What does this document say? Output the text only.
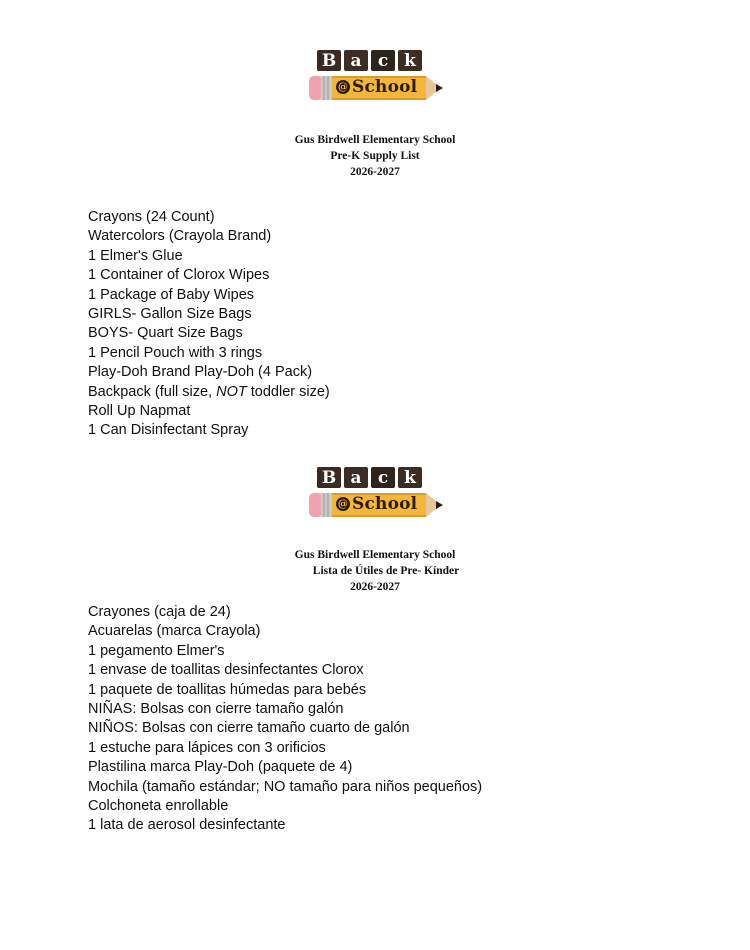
B a c k
@ School
Gus Birdwell Elementary School
Pre-K Supply List
2026-2027
Crayons (24 Count)
Watercolors (Crayola Brand)
1 Elmer's Glue
1 Container of Clorox Wipes
1 Package of Baby Wipes
GIRLS- Gallon Size Bags
BOYS- Quart Size Bags
1 Pencil Pouch with 3 rings
Play-Doh Brand Play-Doh (4 Pack)
Backpack (full size, NOT toddler size)
Roll Up Napmat
1 Can Disinfectant Spray
B a c k
@ School
Gus Birdwell Elementary School
Lista de Útiles de Pre- Kínder
2026-2027
Crayones (caja de 24)
Acuarelas (marca Crayola)
1 pegamento Elmer's
1 envase de toallitas desinfectantes Clorox
1 paquete de toallitas húmedas para bebés
NIÑAS: Bolsas con cierre tamaño galón
NIÑOS: Bolsas con cierre tamaño cuarto de galón
1 estuche para lápices con 3 orificios
Plastilina marca Play-Doh (paquete de 4)
Mochila (tamaño estándar; NO tamaño para niños pequeños)
Colchoneta enrollable
1 lata de aerosol desinfectante
